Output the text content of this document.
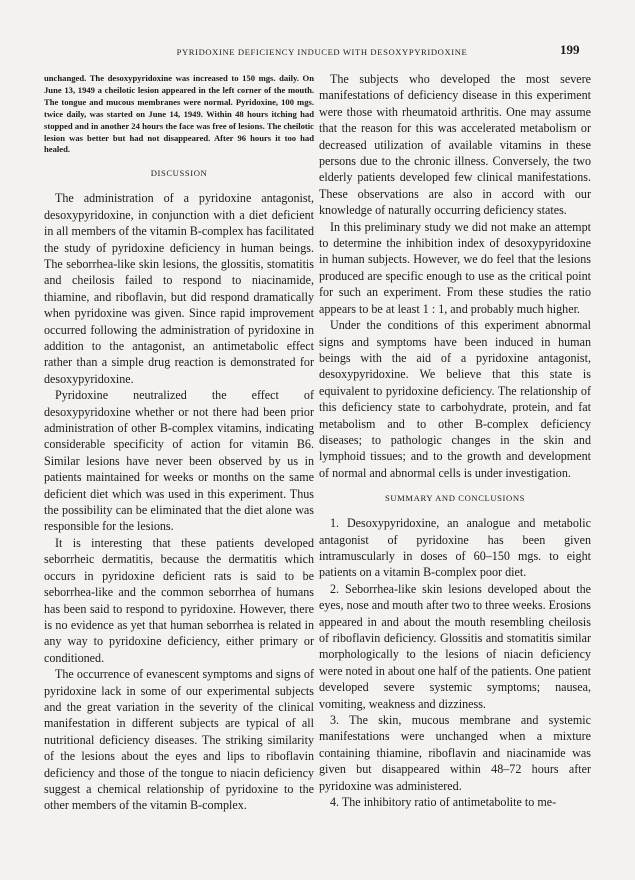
PYRIDOXINE DEFICIENCY INDUCED WITH DESOXYPYRIDOXINE	199

unchanged. The desoxypyridoxine was increased to 150 mgs. daily. On June 13, 1949 a cheilotic lesion appeared in the left corner of the mouth. The tongue and mucous membranes were normal. Pyridoxine, 100 mgs. twice daily, was started on June 14, 1949. Within 48 hours itching had stopped and in another 24 hours the face was free of lesions. The cheilotic lesion was better but had not disappeared. After 96 hours it too had healed.

DISCUSSION

The administration of a pyridoxine antagonist, desoxypyridoxine, in conjunction with a diet deficient in all members of the vitamin B-complex has facilitated the study of pyridoxine deficiency in human beings. The seborrhea-like skin lesions, the glossitis, stomatitis and cheilosis failed to respond to niacinamide, thiamine, and riboflavin, but did respond dramatically when pyridoxine was given. Since rapid improvement occurred following the administration of pyridoxine in addition to the antagonist, an antimetabolic effect rather than a simple drug reaction is demonstrated for desoxypyridoxine.

Pyridoxine neutralized the effect of desoxypyridoxine whether or not there had been prior administration of other B-complex vitamins, indicating considerable specificity of action for vitamin B6. Similar lesions have never been observed by us in patients maintained for weeks or months on the same deficient diet which was used in this experiment. Thus the possibility can be eliminated that the diet alone was responsible for the lesions.

It is interesting that these patients developed seborrheic dermatitis, because the dermatitis which occurs in pyridoxine deficient rats is said to be seborrhea-like and the common seborrhea of humans has been said to respond to pyridoxine. However, there is no evidence as yet that human seborrhea is related in any way to pyridoxine deficiency, either primary or conditioned.

The occurrence of evanescent symptoms and signs of pyridoxine lack in some of our experimental subjects and the great variation in the severity of the clinical manifestation in different subjects are typical of all nutritional deficiency diseases. The striking similarity of the lesions about the eyes and lips to riboflavin deficiency and those of the tongue to niacin deficiency suggest a chemical relationship of pyridoxine to the other members of the vitamin B-complex.

The subjects who developed the most severe manifestations of deficiency disease in this experiment were those with rheumatoid arthritis. One may assume that the reason for this was accelerated metabolism or decreased utilization of available vitamins in these persons due to the chronic illness. Conversely, the two elderly patients developed few clinical manifestations. These observations are also in accord with our knowledge of naturally occurring deficiency states.

In this preliminary study we did not make an attempt to determine the inhibition index of desoxypyridoxine in human subjects. However, we do feel that the lesions produced are specific enough to use as the critical point for such an experiment. From these studies the ratio appears to be at least 1 : 1, and probably much higher.

Under the conditions of this experiment abnormal signs and symptoms have been induced in human beings with the aid of a pyridoxine antagonist, desoxypyridoxine. We believe that this state is equivalent to pyridoxine deficiency. The relationship of this deficiency state to carbohydrate, protein, and fat metabolism and to other B-complex deficiency diseases; to pathologic changes in the skin and lymphoid tissues; and to the growth and development of normal and abnormal cells is under investigation.

SUMMARY AND CONCLUSIONS

1. Desoxypyridoxine, an analogue and metabolic antagonist of pyridoxine has been given intramuscularly in doses of 60–150 mgs. to eight patients on a vitamin B-complex poor diet.

2. Seborrhea-like skin lesions developed about the eyes, nose and mouth after two to three weeks. Erosions appeared in and about the mouth resembling cheilosis of riboflavin deficiency. Glossitis and stomatitis similar morphologically to the lesions of niacin deficiency were noted in about one half of the patients. One patient developed severe systemic symptoms; nausea, vomiting, weakness and dizziness.

3. The skin, mucous membrane and systemic manifestations were unchanged when a mixture containing thiamine, riboflavin and niacinamide was given but disappeared within 48–72 hours after pyridoxine was administered.

4. The inhibitory ratio of antimetabolite to me-
